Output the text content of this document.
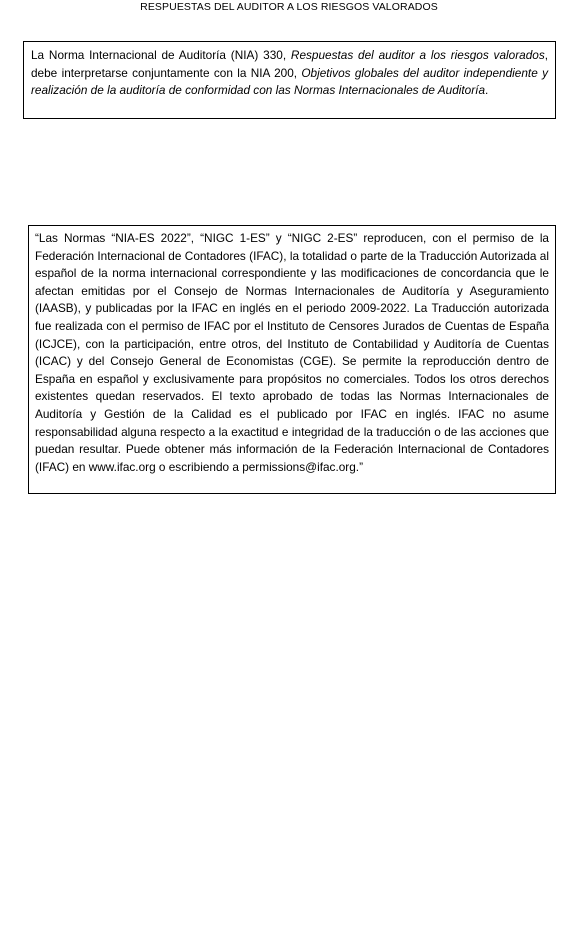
RESPUESTAS DEL AUDITOR A LOS RIESGOS VALORADOS
La Norma Internacional de Auditoría (NIA) 330, Respuestas del auditor a los riesgos valorados, debe interpretarse conjuntamente con la NIA 200, Objetivos globales del auditor independiente y realización de la auditoría de conformidad con las Normas Internacionales de Auditoría.
“Las Normas “NIA-ES 2022”, “NIGC 1-ES” y “NIGC 2-ES” reproducen, con el permiso de la Federación Internacional de Contadores (IFAC), la totalidad o parte de la Traducción Autorizada al español de la norma internacional correspondiente y las modificaciones de concordancia que le afectan emitidas por el Consejo de Normas Internacionales de Auditoría y Aseguramiento (IAASB), y publicadas por la IFAC en inglés en el periodo 2009-2022. La Traducción autorizada fue realizada con el permiso de IFAC por el Instituto de Censores Jurados de Cuentas de España (ICJCE), con la participación, entre otros, del Instituto de Contabilidad y Auditoría de Cuentas (ICAC) y del Consejo General de Economistas (CGE). Se permite la reproducción dentro de España en español y exclusivamente para propósitos no comerciales. Todos los otros derechos existentes quedan reservados. El texto aprobado de todas las Normas Internacionales de Auditoría y Gestión de la Calidad es el publicado por IFAC en inglés. IFAC no asume responsabilidad alguna respecto a la exactitud e integridad de la traducción o de las acciones que puedan resultar. Puede obtener más información de la Federación Internacional de Contadores (IFAC) en www.ifac.org o escribiendo a permissions@ifac.org.”
